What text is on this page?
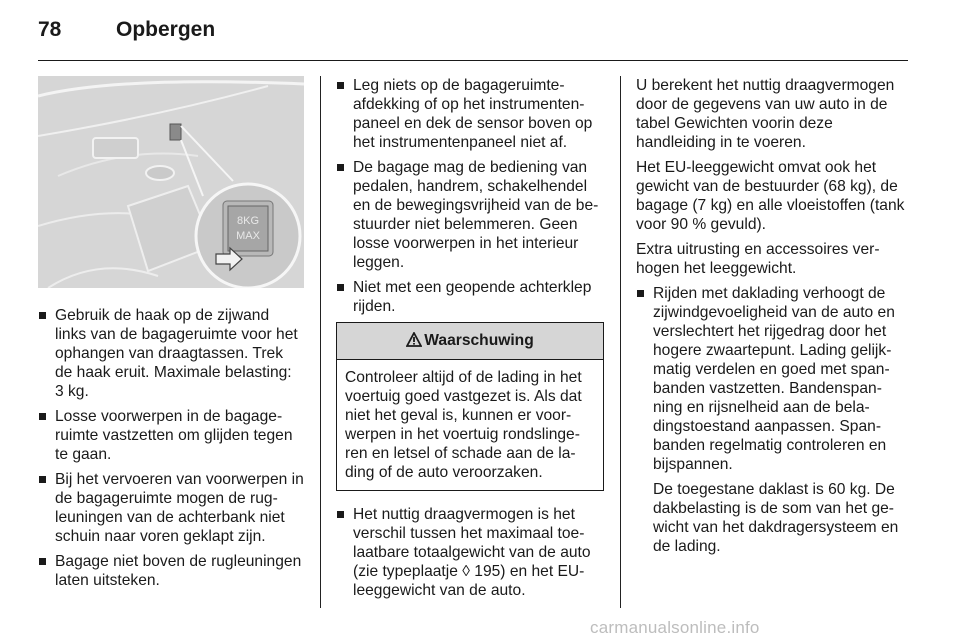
78	Opbergen
8KG
MAX
Gebruik de haak op de zijwand links van de bagageruimte voor het ophangen van draagtassen. Trek de haak eruit. Maximale belasting: 3 kg.
Losse voorwerpen in de bagageruimte vastzetten om glijden tegen te gaan.
Bij het vervoeren van voorwerpen in de bagageruimte mogen de rugleuningen van de achterbank niet schuin naar voren geklapt zijn.
Bagage niet boven de rugleuningen laten uitsteken.
Leg niets op de bagageruimteafdekking of op het instrumentenpaneel en dek de sensor boven op het instrumentenpaneel niet af.
De bagage mag de bediening van pedalen, handrem, schakelhendel en de bewegingsvrijheid van de bestuurder niet belemmeren. Geen losse voorwerpen in het interieur leggen.
Niet met een geopende achterklep rijden.
Waarschuwing
Controleer altijd of de lading in het voertuig goed vastgezet is. Als dat niet het geval is, kunnen er voorwerpen in het voertuig rondslingeren en letsel of schade aan de lading of de auto veroorzaken.
Het nuttig draagvermogen is het verschil tussen het maximaal toelaatbare totaalgewicht van de auto (zie typeplaatje ◊ 195) en het EU-leeggewicht van de auto.

U berekent het nuttig draagvermogen door de gegevens van uw auto in de tabel Gewichten voorin deze handleiding in te voeren.

Het EU-leeggewicht omvat ook het gewicht van de bestuurder (68 kg), de bagage (7 kg) en alle vloeistoffen (tank voor 90 % gevuld).

Extra uitrusting en accessoires verhogen het leeggewicht.

Rijden met daklading verhoogt de zijwindgevoeligheid van de auto en verslechtert het rijgedrag door het hogere zwaartepunt. Lading gelijkmatig verdelen en goed met spanbanden vastzetten. Bandenspanning en rijsnelheid aan de beladingstoestand aanpassen. Spanbanden regelmatig controleren en bijspannen.

De toegestane daklast is 60 kg. De dakbelasting is de som van het gewicht van het dakdragersysteem en de lading.

carmanualsonline.info
